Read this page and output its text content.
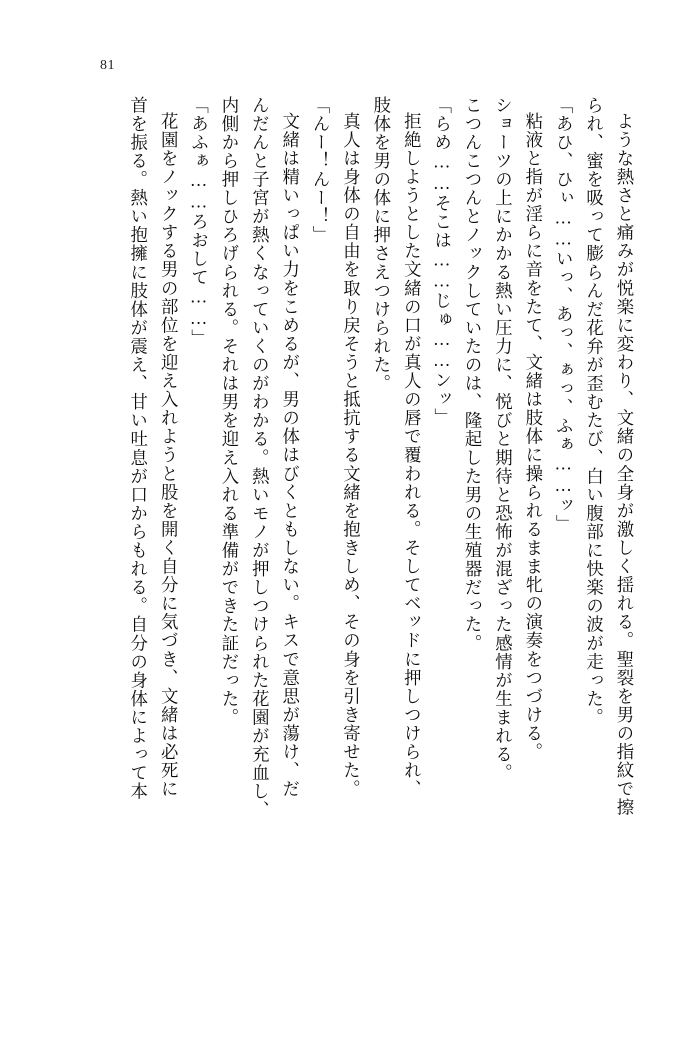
81
ような熱さと痛みが悦楽に変わり、文緒の全身が激しく揺れる。聖裂を男の指紋で擦
られ、蜜を吸って膨らんだ花弁が歪むたび、白い腹部に快楽の波が走った。
「あひ、ひぃ……いっ、あっ、ぁっ、ふぁ……ッ」
粘液と指が淫らに音をたて、文緒は肢体に操られるまま牝の演奏をつづける。
ショーツの上にかかる熱い圧力に、悦びと期待と恐怖が混ざった感情が生まれる。
こつんこつんとノックしていたのは、隆起した男の生殖器だった。
「らめ……そこは……じゅ……ンッ」
拒絶しようとした文緒の口が真人の唇で覆われる。そしてベッドに押しつけられ、
肢体を男の体に押さえつけられた。
真人は身体の自由を取り戻そうと抵抗する文緒を抱きしめ、その身を引き寄せた。
「んー！んー！」
文緒は精いっぱい力をこめるが、男の体はびくともしない。キスで意思が蕩け、だ
んだんと子宮が熱くなっていくのがわかる。熱いモノが押しつけられた花園が充血し、
内側から押しひろげられる。それは男を迎え入れる準備ができた証だった。
「あふぁ……ろおして……」
花園をノックする男の部位を迎え入れようと股を開く自分に気づき、文緒は必死に
首を振る。熱い抱擁に肢体が震え、甘い吐息が口からもれる。自分の身体によって本
